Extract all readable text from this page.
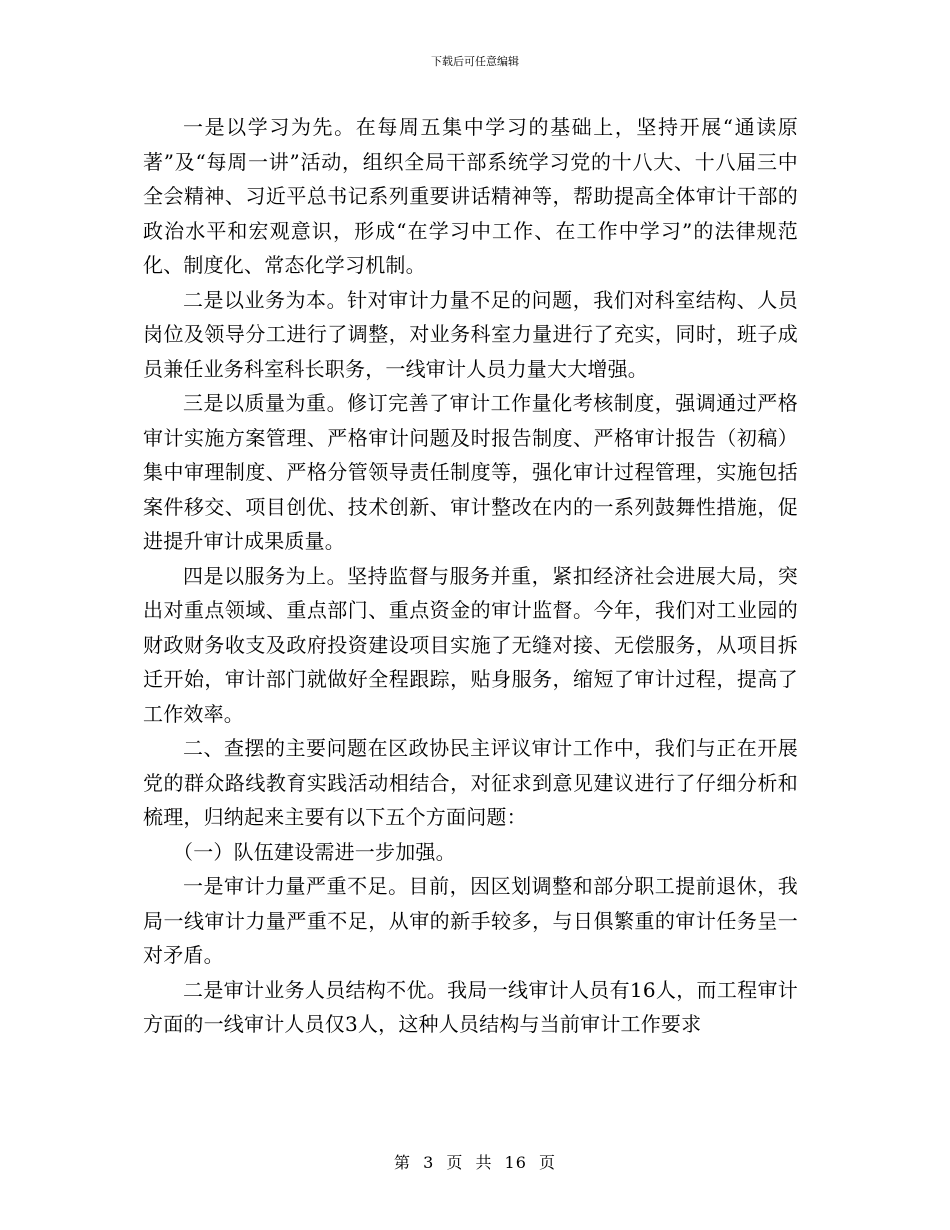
下载后可任意编辑

一是以学习为先。在每周五集中学习的基础上，坚持开展“通读原著”及“每周一讲”活动，组织全局干部系统学习党的十八大、十八届三中全会精神、习近平总书记系列重要讲话精神等，帮助提高全体审计干部的政治水平和宏观意识，形成“在学习中工作、在工作中学习”的法律规范化、制度化、常态化学习机制。

二是以业务为本。针对审计力量不足的问题，我们对科室结构、人员岗位及领导分工进行了调整，对业务科室力量进行了充实，同时，班子成员兼任业务科室科长职务，一线审计人员力量大大增强。

三是以质量为重。修订完善了审计工作量化考核制度，强调通过严格审计实施方案管理、严格审计问题及时报告制度、严格审计报告（初稿）集中审理制度、严格分管领导责任制度等，强化审计过程管理，实施包括案件移交、项目创优、技术创新、审计整改在内的一系列鼓舞性措施，促进提升审计成果质量。

四是以服务为上。坚持监督与服务并重，紧扣经济社会进展大局，突出对重点领域、重点部门、重点资金的审计监督。今年，我们对工业园的财政财务收支及政府投资建设项目实施了无缝对接、无偿服务，从项目拆迁开始，审计部门就做好全程跟踪，贴身服务，缩短了审计过程，提高了工作效率。

二、查摆的主要问题在区政协民主评议审计工作中，我们与正在开展党的群众路线教育实践活动相结合，对征求到意见建议进行了仔细分析和梳理，归纳起来主要有以下五个方面问题：

（一）队伍建设需进一步加强。

一是审计力量严重不足。目前，因区划调整和部分职工提前退休，我局一线审计力量严重不足，从审的新手较多，与日俱繁重的审计任务呈一对矛盾。

二是审计业务人员结构不优。我局一线审计人员有16人，而工程审计方面的一线审计人员仅3人，这种人员结构与当前审计工作要求

第 3 页 共 16 页
